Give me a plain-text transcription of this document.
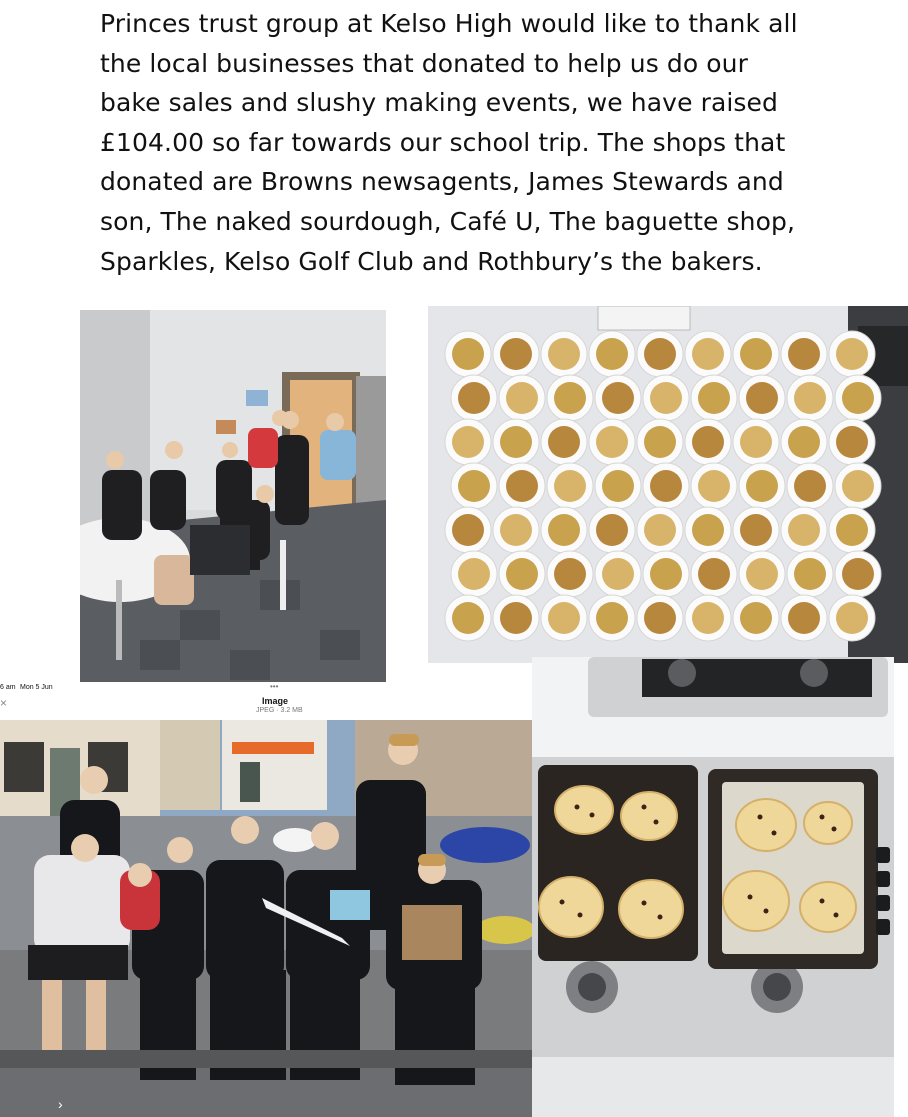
Princes trust group at Kelso High would like to thank all
the local businesses that donated to help us do our
bake sales and slushy making events, we have raised
£104.00 so far towards our school trip. The shops that
donated are Browns newsagents, James Stewards and
son, The naked sourdough, Café U, The baguette shop,
Sparkles, Kelso Golf Club and Rothbury’s the bakers.
6 am Mon 5 Jun	•••
×	Image
JPEG · 3.2 MB
›
